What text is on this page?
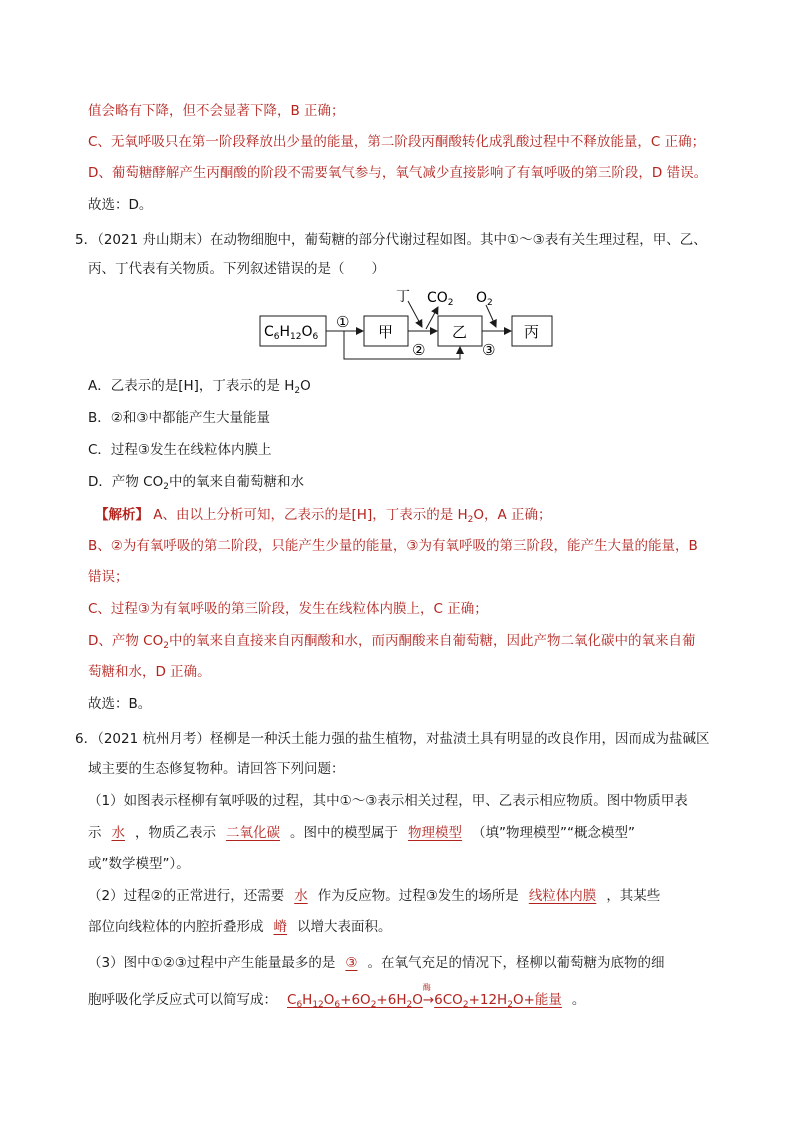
值会略有下降，但不会显著下降，B 正确；
C、无氧呼吸只在第一阶段释放出少量的能量，第二阶段丙酮酸转化成乳酸过程中不释放能量，C 正确；
D、葡萄糖酵解产生丙酮酸的阶段不需要氧气参与，氧气减少直接影响了有氧呼吸的第三阶段，D 错误。
故选：D。
5．（2021 舟山期末）在动物细胞中，葡萄糖的部分代谢过程如图。其中①～③表有关生理过程，甲、乙、
丙、丁代表有关物质。下列叙述错误的是（　　）
$C_6H_{12}O_6$	甲	乙	丙
丁 $CO_2$ $O_2$
①
②	③
A．乙表示的是[H]，丁表示的是 $H_2O$
B．②和③中都能产生大量能量
C．过程③发生在线粒体内膜上
D．产物 $CO_2$中的氧来自葡萄糖和水
【解析】 A、由以上分析可知，乙表示的是[H]，丁表示的是 $H_2O$，A 正确；
B、②为有氧呼吸的第二阶段，只能产生少量的能量，③为有氧呼吸的第三阶段，能产生大量的能量，B
错误；
C、过程③为有氧呼吸的第三阶段，发生在线粒体内膜上，C 正确；
D、产物 $CO_2$中的氧来自直接来自丙酮酸和水，而丙酮酸来自葡萄糖，因此产物二氧化碳中的氧来自葡
萄糖和水，D 正确。
故选：B。
6．（2021 杭州月考）柽柳是一种沃土能力强的盐生植物，对盐渍土具有明显的改良作用，因而成为盐碱区
域主要的生态修复物种。请回答下列问题：
（1）如图表示柽柳有氧呼吸的过程，其中①～③表示相关过程，甲、乙表示相应物质。图中物质甲表
示 水 ，物质乙表示 二氧化碳 。图中的模型属于 物理模型 （填”物理模型”“概念模型”
或”数学模型”）。
（2）过程②的正常进行，还需要 水 作为反应物。过程③发生的场所是 线粒体内膜 ，其某些
部位向线粒体的内腔折叠形成 嵴 以增大表面积。
（3）图中①②③过程中产生能量最多的是 ③ 。在氧气充足的情况下，柽柳以葡萄糖为底物的细
胞呼吸化学反应式可以简写成： $C_6H_{12}O_6+6O_2+6H_2O$
酶
$\to 6CO_2+12H_2O+$能量 。
